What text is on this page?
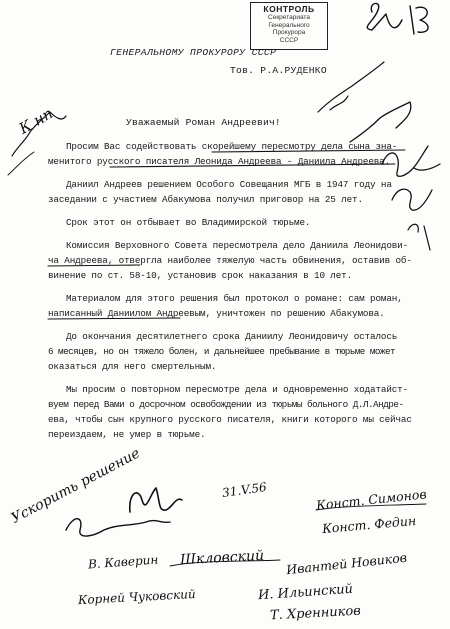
КОНТРОЛЬ
Секретариата
Генерального
Прокурора
СССР
ГЕНЕРАЛЬНОМУ ПРОКУРОРУ СССР
Тов. Р.А.РУДЕНКО
Уважаемый Роман Андреевич!
Просим Вас содействовать скорейшему пересмотру дела сына зна-
менитого русского писателя Леонида Андреева - Даниила Андреева.
Даниил Андреев решением Особого Совещания МГБ в 1947 году на
заседании с участием Абакумова получил приговор на 25 лет.
Срок этот он отбывает во Владимирской тюрьме.
Комиссия Верховного Совета пересмотрела дело Даниила Леонидови-
ча Андреева, отвергла наиболее тяжелую часть обвинения, оставив об-
винение по ст. 58-10, установив срок наказания в 10 лет.
Материалом для этого решения был протокол о романе: сам роман,
написанный Даниилом Андреевым, уничтожен по решению Абакумова.
До окончания десятилетнего срока Даниилу Леонидовичу осталось
6 месяцев, но он тяжело болен, и дальнейшее пребывание в тюрьме может
оказаться для него смертельным.
Мы просим о повторном пересмотре дела и одновременно ходатайст-
вуем перед Вами о досрочном освобождении из тюрьмы больного Д.Л.Андре-
ева, чтобы сын крупного русского писателя, книги которого мы сейчас
переиздаем, не умер в тюрьме.
К нп
Ускорить решение	31.V.56	Конст. Симонов
Конст. Федин
В. Каверин Шкловский Ивантей Новиков
Корней Чуковский	И. Ильинский
Т. Хренников
